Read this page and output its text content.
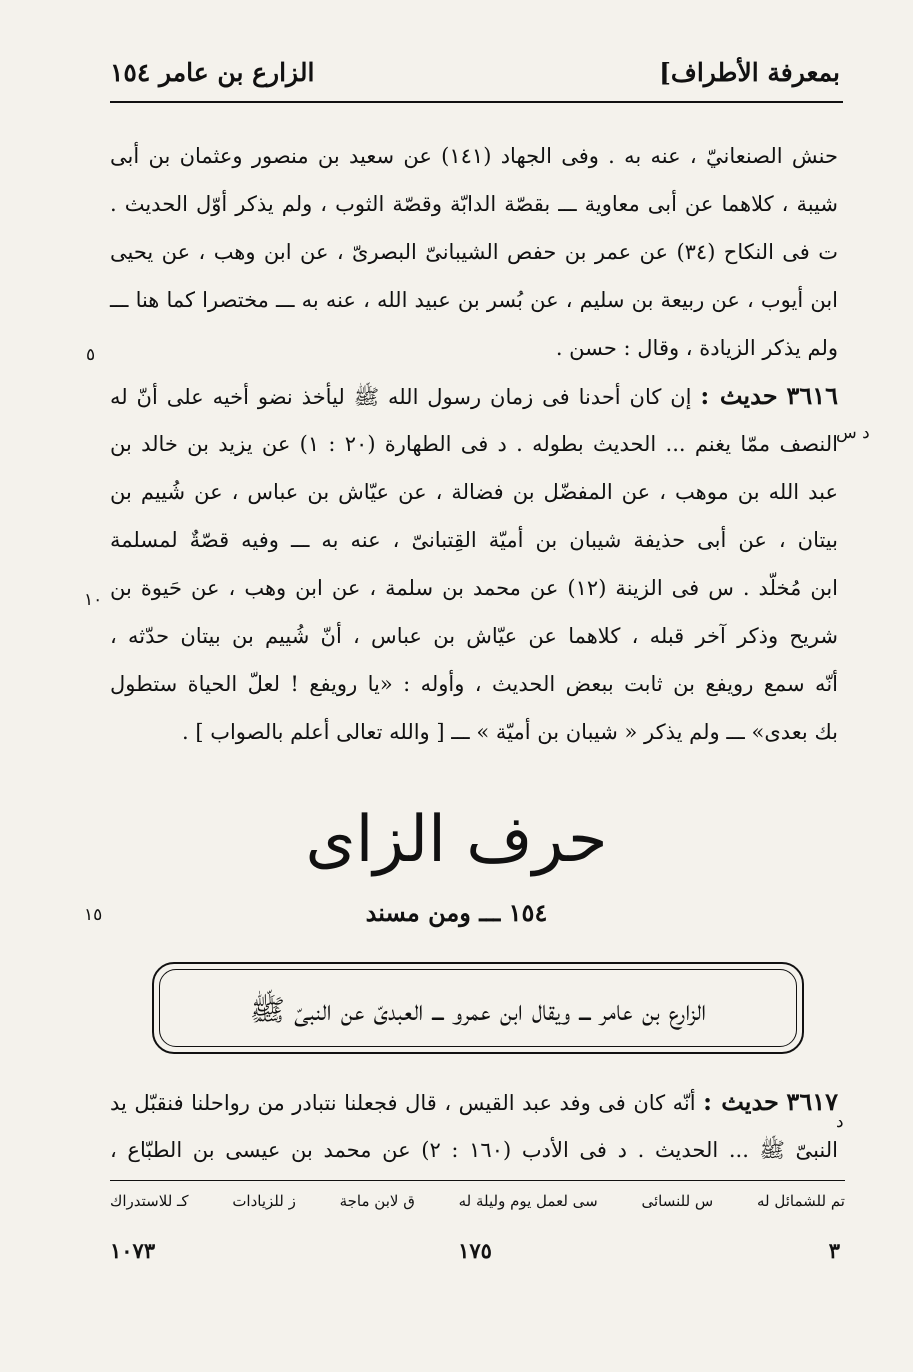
بمعرفة الأطراف]
الزارع بن عامر ١٥٤
حنش الصنعانيّ ، عنه به . وفى الجهاد (١٤١) عن سعيد بن منصور وعثمان بن أبى
شيبة ، كلاهما عن أبى معاوية ـــ بقصّة الدابّة وقصّة الثوب ، ولم يذكر أوّل الحديث .
ت فى النكاح (٣٤) عن عمر بن حفص الشيبانىّ البصرىّ ، عن ابن وهب ، عن يحيى
ابن أيوب ، عن ربيعة بن سليم ، عن بُسر بن عبيد الله ، عنه به ـــ مختصرا كما هنا ـــ
ولم يذكر الزيادة ، وقال : حسن .
٣٦١٦ حديث : إن كان أحدنا فى زمان رسول الله ﷺ ليأخذ نضو أخيه على أنّ له
النصف ممّا يغنم ... الحديث بطوله . د فى الطهارة (٢٠ : ١) عن يزيد بن خالد بن
عبد الله بن موهب ، عن المفضّل بن فضالة ، عن عيّاش بن عباس ، عن شُييم بن
بيتان ، عن أبى حذيفة شيبان بن أميّة القِتبانىّ ، عنه به ـــ وفيه قصّةٌ لمسلمة
ابن مُخلّد . س فى الزينة (١٢) عن محمد بن سلمة ، عن ابن وهب ، عن حَيوة بن
شريح وذكر آخر قبله ، كلاهما عن عيّاش بن عباس ، أنّ شُييم بن بيتان حدّثه ،
أنّه سمع رويفع بن ثابت ببعض الحديث ، وأوله : «يا رويفع ! لعلّ الحياة ستطول
بك بعدى» ـــ ولم يذكر « شيبان بن أميّة » ـــ [ والله تعالى أعلم بالصواب ] .
حرف الزاى
١٥٤ ـــ ومن مسند
الزارع بن عامر ـــ ويقال ابن عمرو ـــ العبدىّ عن النبىّ ﷺ
٣٦١٧ حديث : أنّه كان فى وفد عبد القيس ، قال فجعلنا نتبادر من رواحلنا فنقبّل يد
النبىّ ﷺ ... الحديث . د فى الأدب (١٦٠ : ٢) عن محمد بن عيسى بن الطبّاع ،
٥
د س
١٠
١٥
د
تم للشمائل له
س للنسائى
سى لعمل يوم وليلة له
ق لابن ماجة
ز للزيادات
كـ للاستدراك
٣
١٧٥
١٠٧٣
